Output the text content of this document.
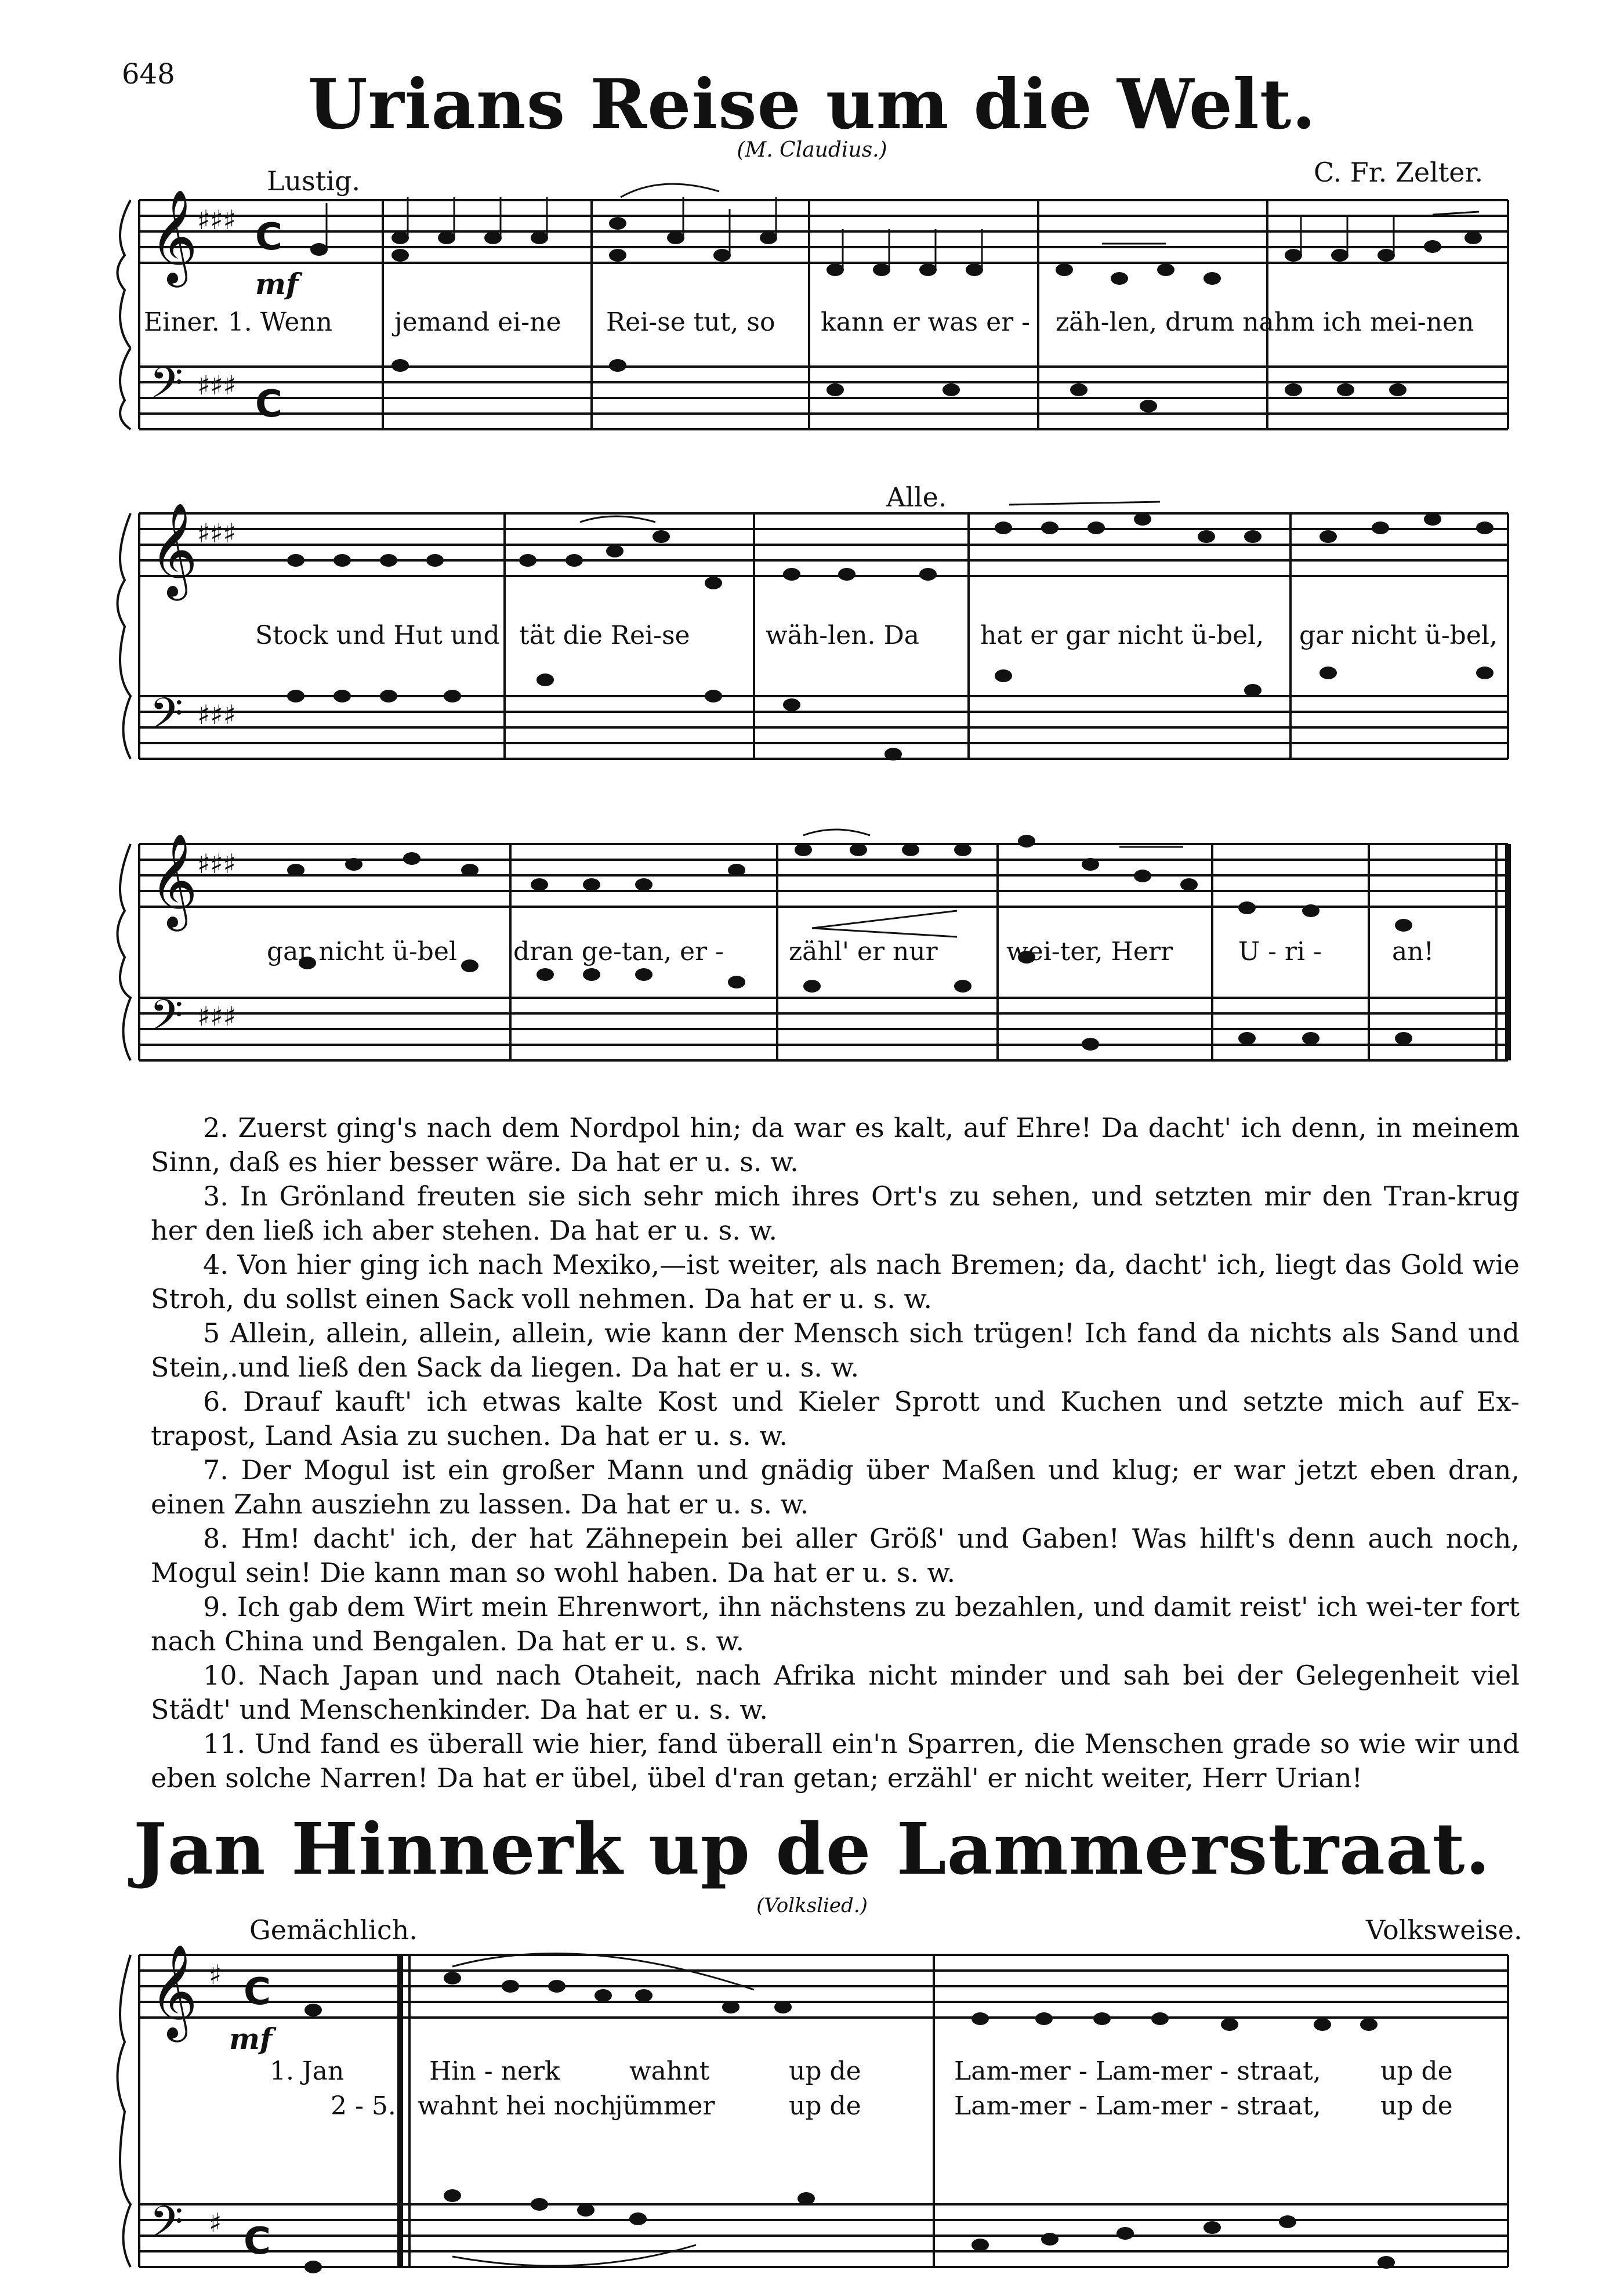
648	Urians Reise um die Welt.
(M. Claudius.)
Lustig.	C. Fr. Zelter.
𝄞
𝄢
♯♯♯
♯♯♯
C
C
𝄞
𝄢
♯♯♯
♯♯♯
𝄞
𝄢
♯♯♯
♯♯♯
𝄞
𝄢
♯
♯
C
C
mf
Alle.
Einer. 1. Wenn jemand ei-ne Rei-se tut, so kann er was er - zäh-len, drum nahm ich mei-nen
Stock und Hut und tät die Rei-se	wäh-len. Da hat er gar nicht ü-bel, gar nicht ü-bel,
gar nicht ü-bel dran ge-tan, er -	zähl' er nur	wei-ter, Herr	U - ri -	an!

2. Zuerst ging's nach dem Nordpol hin; da war es kalt, auf Ehre! Da dacht' ich denn, in meinem Sinn, daß es hier besser wäre. Da hat er u. s. w.

3. In Grönland freuten sie sich sehr mich ihres Ort's zu sehen, und setzten mir den Tran-krug her den ließ ich aber stehen. Da hat er u. s. w.

4. Von hier ging ich nach Mexiko,—ist weiter, als nach Bremen; da, dacht' ich, liegt das Gold wie Stroh, du sollst einen Sack voll nehmen. Da hat er u. s. w.

5 Allein, allein, allein, allein, wie kann der Mensch sich trügen! Ich fand da nichts als Sand und Stein,.und ließ den Sack da liegen. Da hat er u. s. w.

6. Drauf kauft' ich etwas kalte Kost und Kieler Sprott und Kuchen und setzte mich auf Ex-trapost, Land Asia zu suchen. Da hat er u. s. w.

7. Der Mogul ist ein großer Mann und gnädig über Maßen und klug; er war jetzt eben dran, einen Zahn ausziehn zu lassen. Da hat er u. s. w.

8. Hm! dacht' ich, der hat Zähnepein bei aller Größ' und Gaben! Was hilft's denn auch noch, Mogul sein! Die kann man so wohl haben. Da hat er u. s. w.

9. Ich gab dem Wirt mein Ehrenwort, ihn nächstens zu bezahlen, und damit reist' ich wei-ter fort nach China und Bengalen. Da hat er u. s. w.

10. Nach Japan und nach Otaheit, nach Afrika nicht minder und sah bei der Gelegenheit viel Städt' und Menschenkinder. Da hat er u. s. w.

11. Und fand es überall wie hier, fand überall ein'n Sparren, die Menschen grade so wie wir und eben solche Narren! Da hat er übel, übel d'ran getan; erzähl' er nicht weiter, Herr Urian!

Jan Hinnerk up de Lammerstraat.
(Volkslied.)
Gemächlich.	Volksweise.
mf
1. Jan	Hin - nerk	wahnt	up de	Lam-mer - Lam-mer - straat, up de
2 - 5. wahnt hei noch
jümmer	up de	Lam-mer - Lam-mer - straat, up de
